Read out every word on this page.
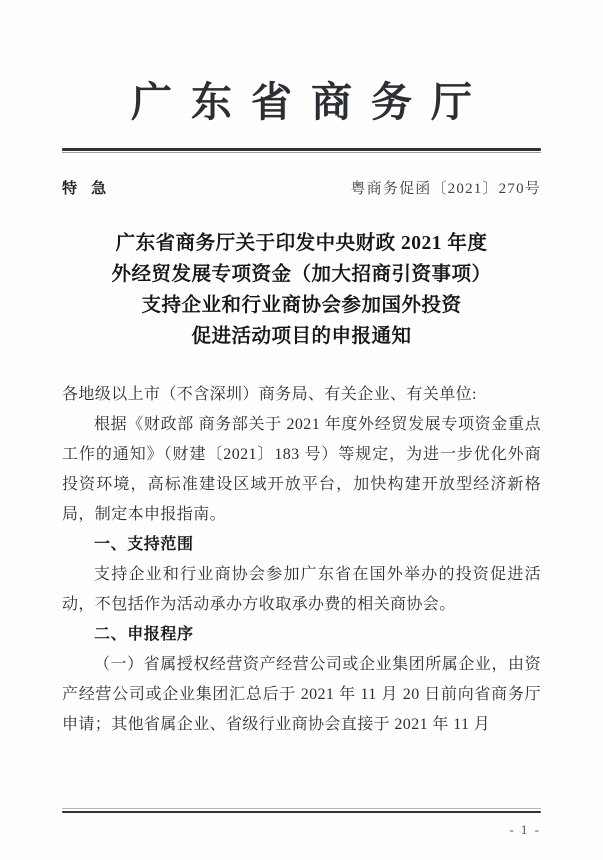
广东省商务厅
特 急	粤商务促函〔2021〕270号
广东省商务厅关于印发中央财政 2021 年度
外经贸发展专项资金（加大招商引资事项）
支持企业和行业商协会参加国外投资
促进活动项目的申报通知
各地级以上市（不含深圳）商务局、有关企业、有关单位:
根据《财政部 商务部关于 2021 年度外经贸发展专项资金重点工作的通知》（财建〔2021〕183 号）等规定，为进一步优化外商投资环境，高标准建设区域开放平台，加快构建开放型经济新格局，制定本申报指南。
一、支持范围
支持企业和行业商协会参加广东省在国外举办的投资促进活动，不包括作为活动承办方收取承办费的相关商协会。
二、申报程序
（一）省属授权经营资产经营公司或企业集团所属企业，由资产经营公司或企业集团汇总后于 2021 年 11 月 20 日前向省商务厅申请；其他省属企业、省级行业商协会直接于 2021 年 11 月
- 1 -
